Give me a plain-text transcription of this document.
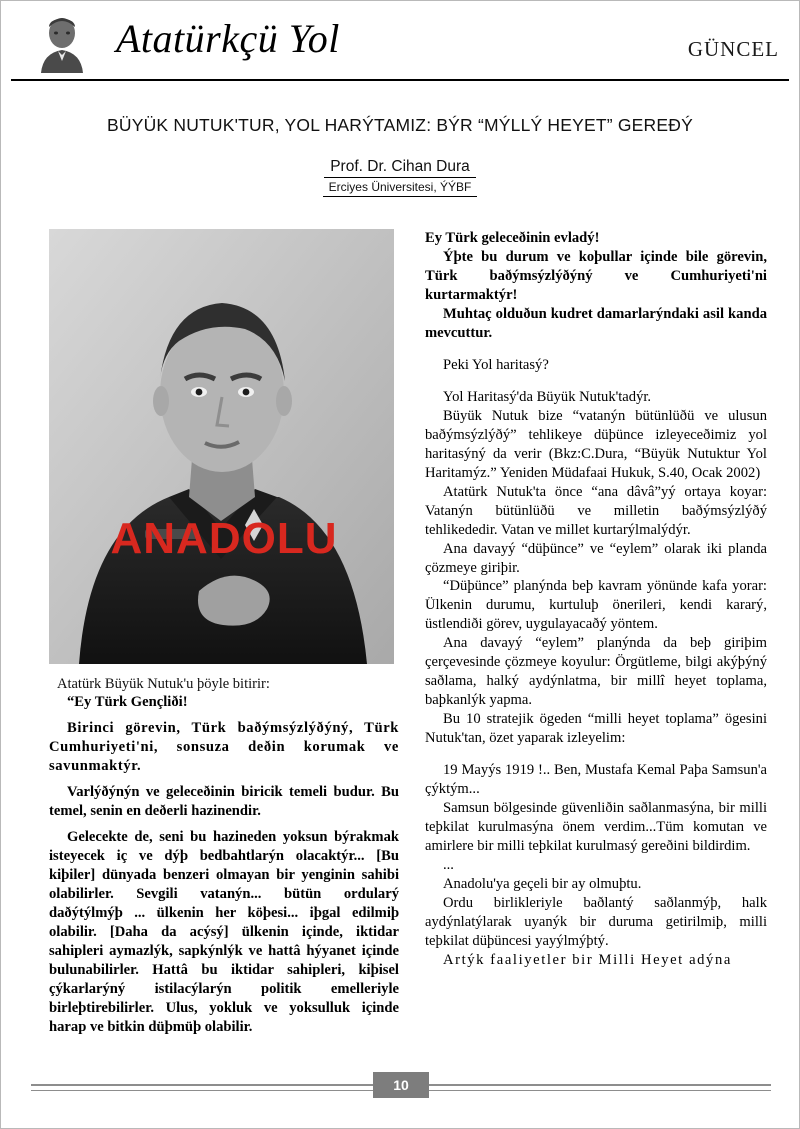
Atatürkçü Yol	GÜNCEL
BÜYÜK NUTUK'TUR, YOL HARÝTAMIZ: BÝR “MÝLLÝ HEYET” GEREÐÝ
Prof. Dr. Cihan Dura
Erciyes Üniversitesi, ÝÝBF
ANADOLU
Atatürk Büyük Nutuk'u þöyle bitirir:

“Ey Türk Gençliði!

Birinci görevin, Türk baðýmsýzlýðýný, Türk Cumhuriyeti'ni, sonsuza deðin korumak ve savunmaktýr.

Varlýðýnýn ve geleceðinin biricik temeli budur. Bu temel, senin en deðerli hazinendir.

Gelecekte de, seni bu hazineden yoksun býrakmak isteyecek iç ve dýþ bedbahtlarýn olacaktýr... [Bu kiþiler] dünyada benzeri olmayan bir yenginin sahibi olabilirler. Sevgili vatanýn... bütün ordularý daðýtýlmýþ ... ülkenin her köþesi... iþgal edilmiþ olabilir. [Daha da acýsý] ülkenin içinde, iktidar sahipleri aymazlýk, sapkýnlýk ve hattâ hýyanet içinde bulunabilirler. Hattâ bu iktidar sahipleri, kiþisel çýkarlarýný istilacýlarýn politik emelleriyle birleþtirebilirler. Ulus, yokluk ve yoksulluk içinde harap ve bitkin düþmüþ olabilir.

Ey Türk geleceðinin evladý!

Ýþte bu durum ve koþullar içinde bile görevin, Türk baðýmsýzlýðýný ve Cumhuriyeti'ni kurtarmaktýr!

Muhtaç olduðun kudret damarlarýndaki asil kanda mevcuttur.

Peki Yol haritasý?

Yol Haritasý'da Büyük Nutuk'tadýr.

Büyük Nutuk bize “vatanýn bütünlüðü ve ulusun baðýmsýzlýðý” tehlikeye düþünce izleyeceðimiz yol haritasýný da verir (Bkz:C.Dura, “Büyük Nutuktur Yol Haritamýz.” Yeniden Müdafaai Hukuk, S.40, Ocak 2002)

Atatürk Nutuk'ta önce “ana dâvâ”yý ortaya koyar: Vatanýn bütünlüðü ve milletin baðýmsýzlýðý tehlikededir. Vatan ve millet kurtarýlmalýdýr.

Ana davayý “düþünce” ve “eylem” olarak iki planda çözmeye giriþir.

“Düþünce” planýnda beþ kavram yönünde kafa yorar: Ülkenin durumu, kurtuluþ önerileri, kendi kararý, üstlendiði görev, uygulayacaðý yöntem.

Ana davayý “eylem” planýnda da beþ giriþim çerçevesinde çözmeye koyulur: Örgütleme, bilgi akýþýný saðlama, halký aydýnlatma, bir millî heyet toplama, baþkanlýk yapma.

Bu 10 stratejik ögeden “milli heyet toplama” ögesini Nutuk'tan, özet yaparak izleyelim:

19 Mayýs 1919 !.. Ben, Mustafa Kemal Paþa Samsun'a çýktým...

Samsun bölgesinde güvenliðin saðlanmasýna, bir milli teþkilat kurulmasýna önem verdim...Tüm komutan ve amirlere bir milli teþkilat kurulmasý gereðini bildirdim.

...

Anadolu'ya geçeli bir ay olmuþtu.

Ordu birlikleriyle baðlantý saðlanmýþ, halk aydýnlatýlarak uyanýk bir duruma getirilmiþ, milli teþkilat düþüncesi yayýlmýþtý.

Artýk faaliyetler bir Milli Heyet adýna

10
